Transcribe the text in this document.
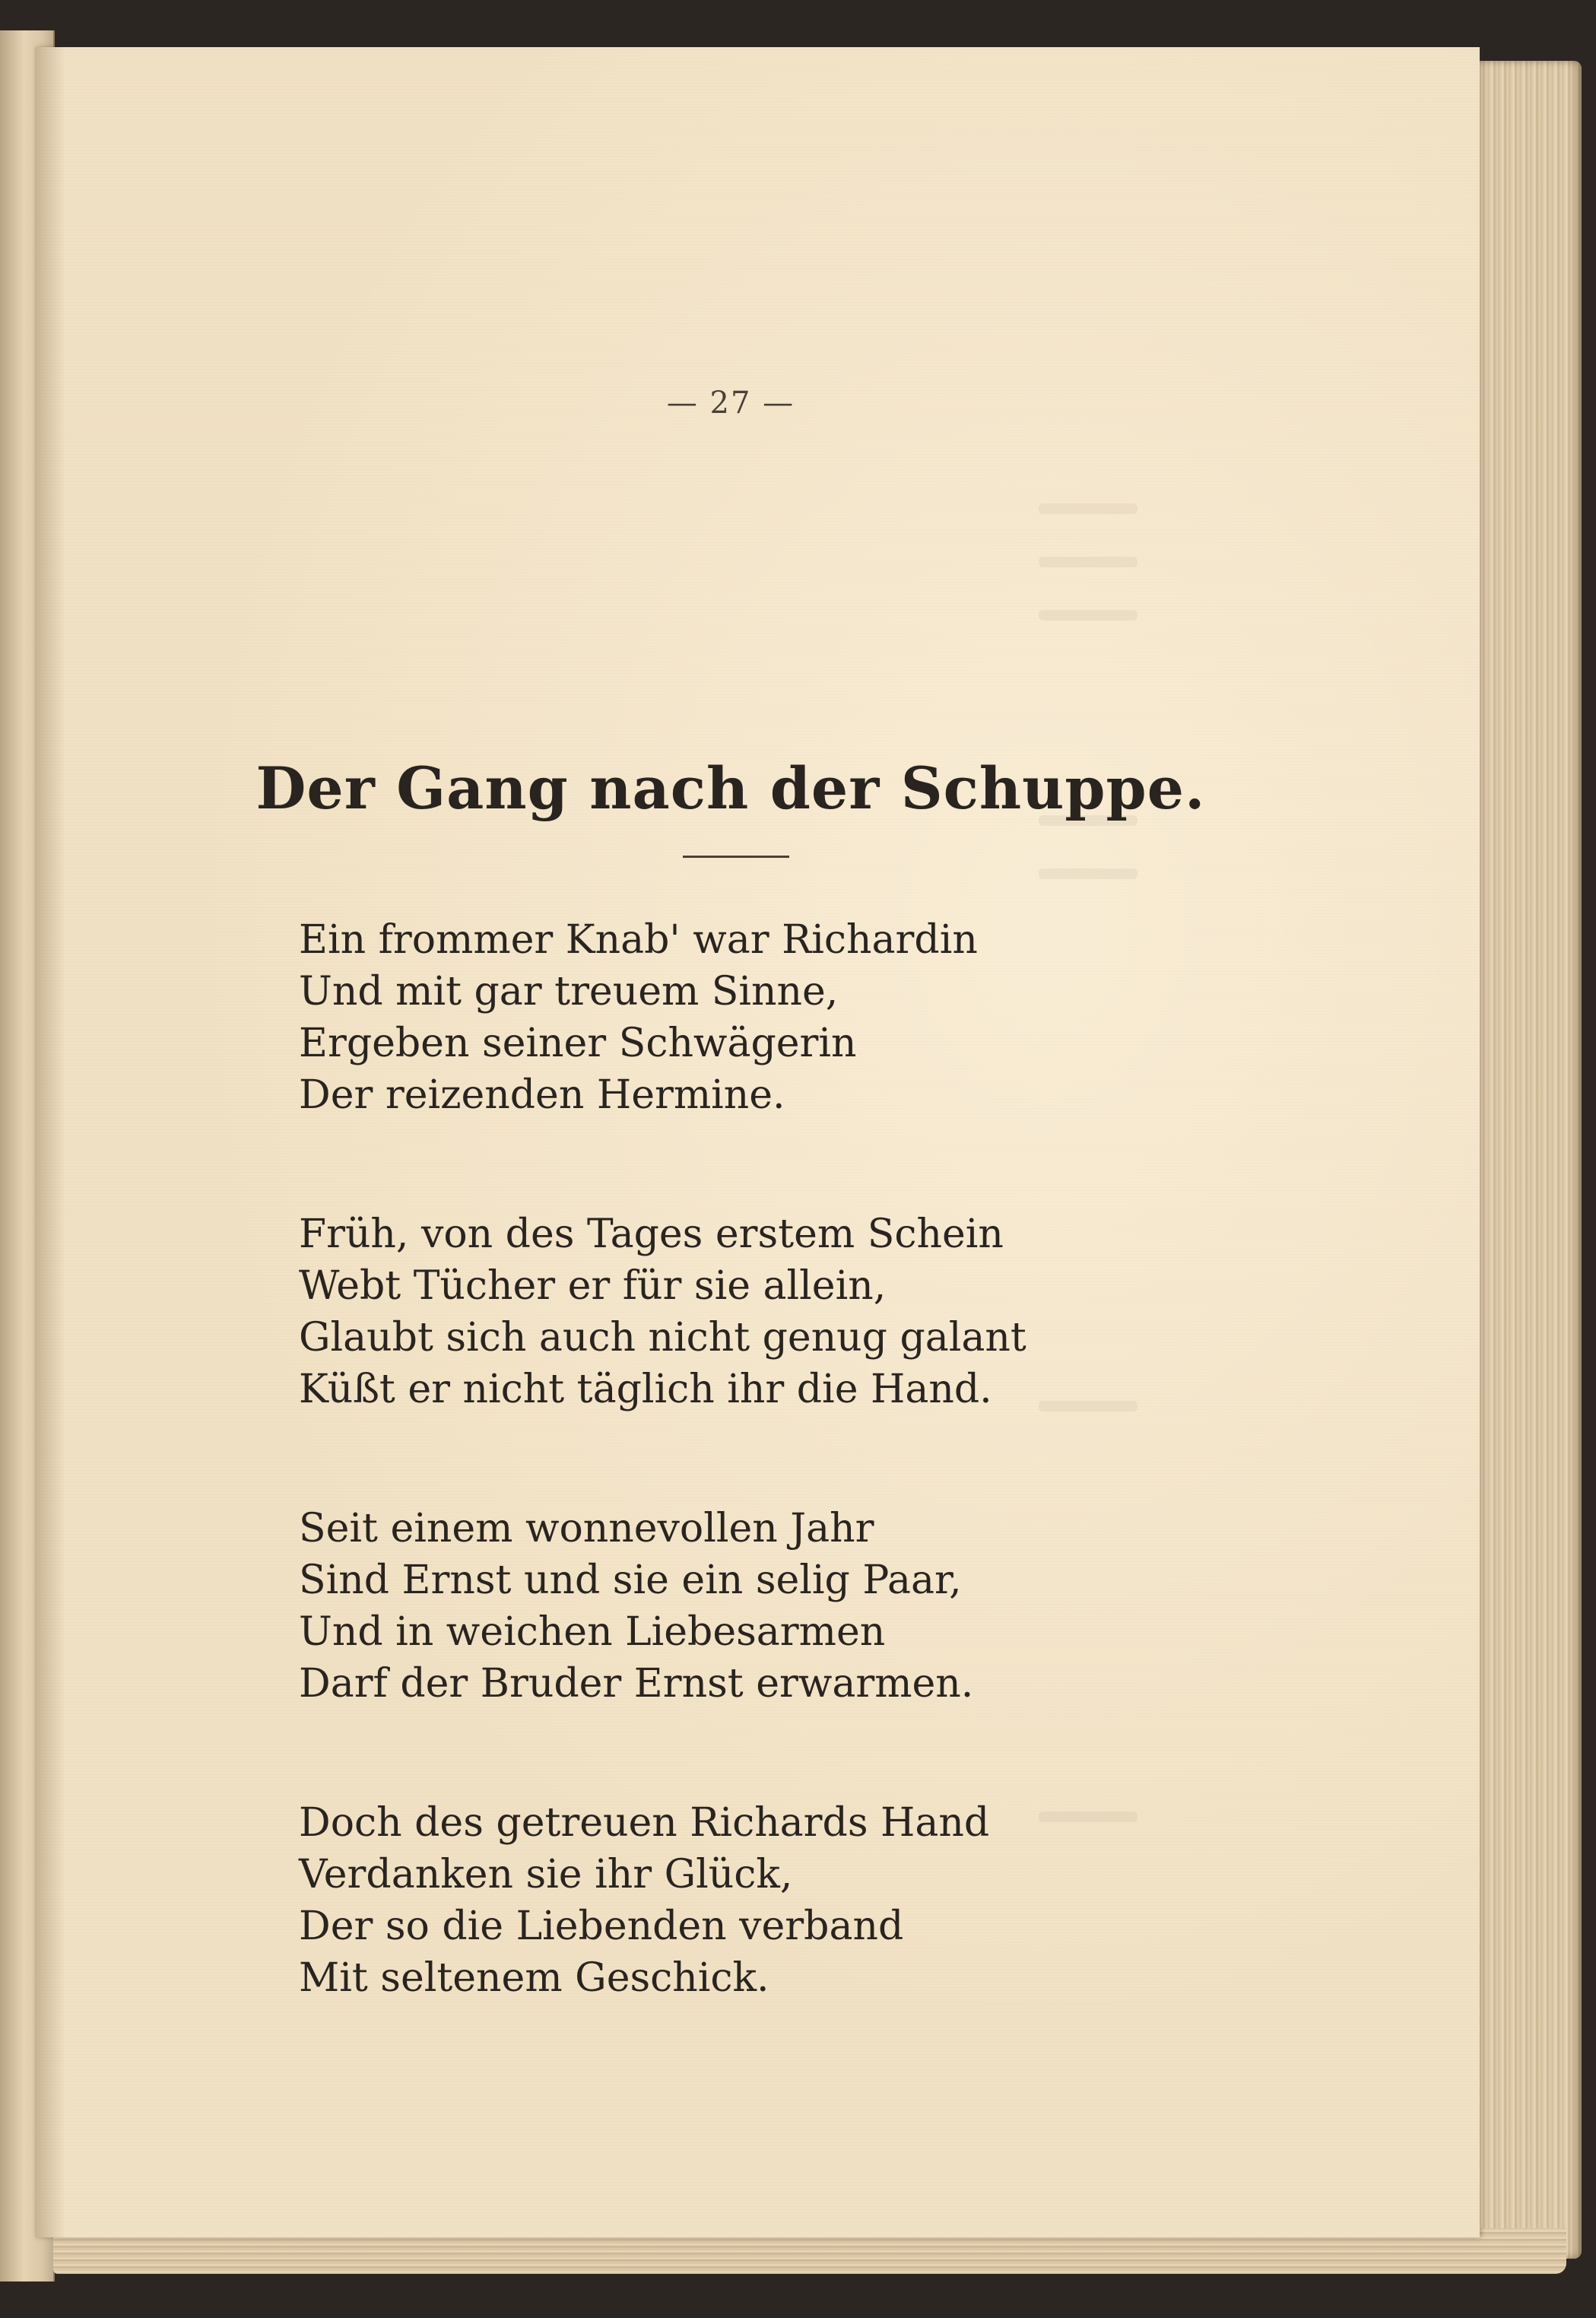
— 27 —
Der Gang nach der Schuppe.
Ein frommer Knab' war Richardin
Und mit gar treuem Sinne,
Ergeben seiner Schwägerin
Der reizenden Hermine.
Früh, von des Tages erstem Schein
Webt Tücher er für sie allein,
Glaubt sich auch nicht genug galant
Küßt er nicht täglich ihr die Hand.
Seit einem wonnevollen Jahr
Sind Ernst und sie ein selig Paar,
Und in weichen Liebesarmen
Darf der Bruder Ernst erwarmen.
Doch des getreuen Richards Hand
Verdanken sie ihr Glück,
Der so die Liebenden verband
Mit seltenem Geschick.
